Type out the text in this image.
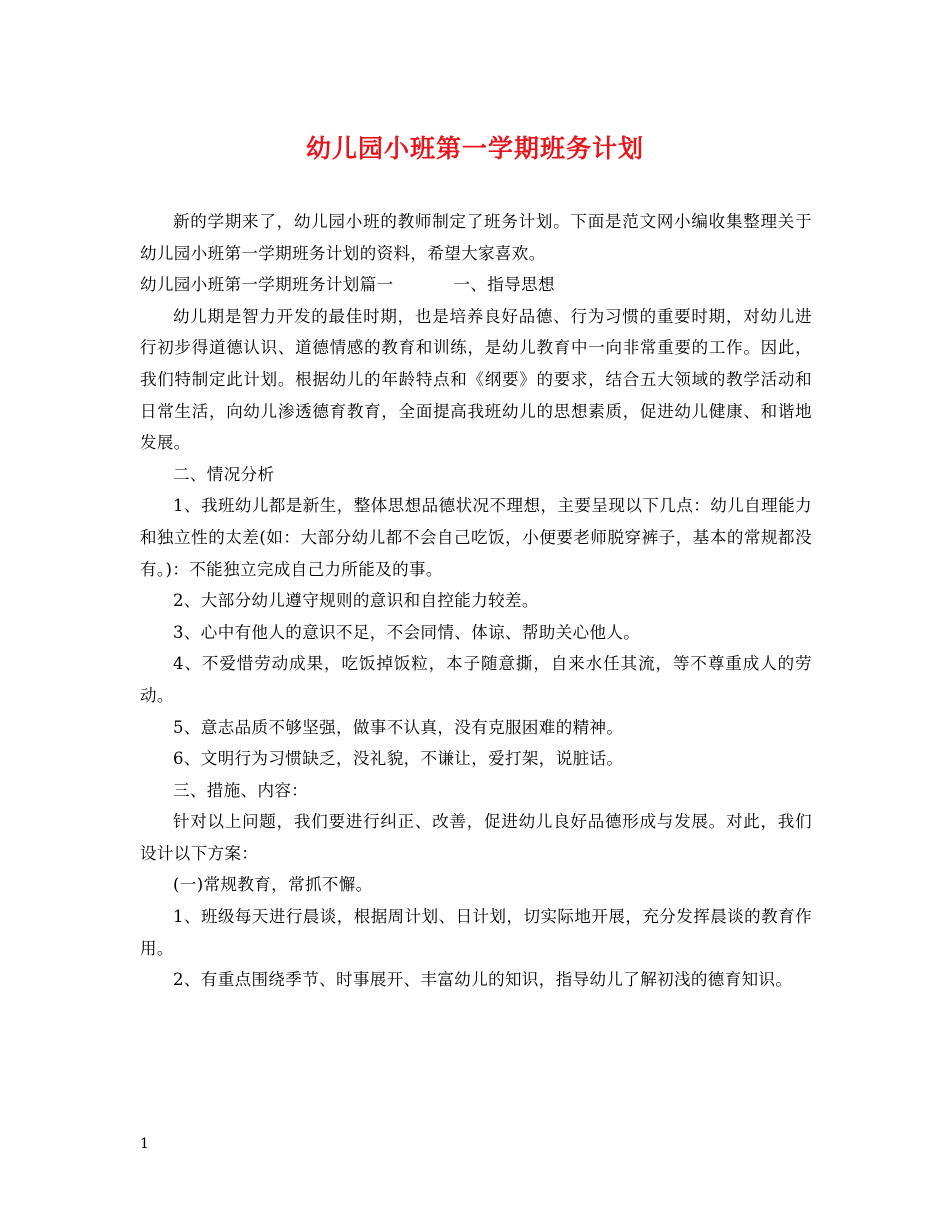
幼儿园小班第一学期班务计划

新的学期来了，幼儿园小班的教师制定了班务计划。下面是范文网小编收集整理关于幼儿园小班第一学期班务计划的资料，希望大家喜欢。

幼儿园小班第一学期班务计划篇一	一、指导思想

幼儿期是智力开发的最佳时期，也是培养良好品德、行为习惯的重要时期，对幼儿进行初步得道德认识、道德情感的教育和训练，是幼儿教育中一向非常重要的工作。因此，我们特制定此计划。根据幼儿的年龄特点和《纲要》的要求，结合五大领域的教学活动和日常生活，向幼儿渗透德育教育，全面提高我班幼儿的思想素质，促进幼儿健康、和谐地发展。

二、情况分析

1、我班幼儿都是新生，整体思想品德状况不理想，主要呈现以下几点：幼儿自理能力和独立性的太差(如：大部分幼儿都不会自己吃饭，小便要老师脱穿裤子，基本的常规都没有。)：不能独立完成自己力所能及的事。

2、大部分幼儿遵守规则的意识和自控能力较差。

3、心中有他人的意识不足，不会同情、体谅、帮助关心他人。

4、不爱惜劳动成果，吃饭掉饭粒，本子随意撕，自来水任其流，等不尊重成人的劳动。

5、意志品质不够坚强，做事不认真，没有克服困难的精神。

6、文明行为习惯缺乏，没礼貌，不谦让，爱打架，说脏话。

三、措施、内容：

针对以上问题，我们要进行纠正、改善，促进幼儿良好品德形成与发展。对此，我们设计以下方案：

(一)常规教育，常抓不懈。

1、班级每天进行晨谈，根据周计划、日计划，切实际地开展，充分发挥晨谈的教育作用。

2、有重点围绕季节、时事展开、丰富幼儿的知识，指导幼儿了解初浅的德育知识。

1
